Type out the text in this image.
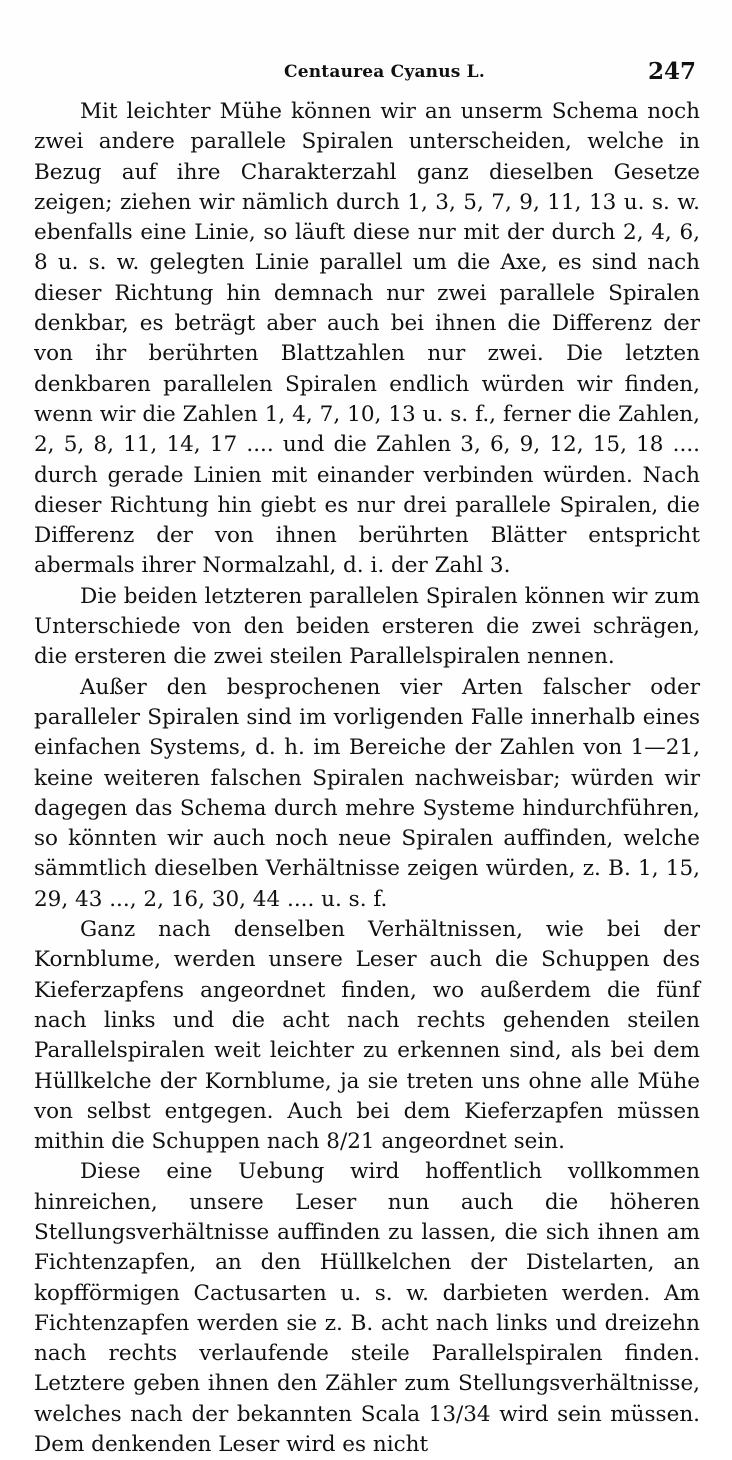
Centaurea Cyanus L.	247

Mit leichter Mühe können wir an unserm Schema noch zwei andere parallele Spiralen unterscheiden, welche in Bezug auf ihre Charakterzahl ganz dieselben Gesetze zeigen; ziehen wir nämlich durch 1, 3, 5, 7, 9, 11, 13 u. s. w. ebenfalls eine Linie, so läuft diese nur mit der durch 2, 4, 6, 8 u. s. w. gelegten Linie parallel um die Axe, es sind nach dieser Richtung hin demnach nur zwei parallele Spiralen denkbar, es beträgt aber auch bei ihnen die Differenz der von ihr berührten Blattzahlen nur zwei. Die letzten denkbaren parallelen Spiralen endlich würden wir finden, wenn wir die Zahlen 1, 4, 7, 10, 13 u. s. f., ferner die Zahlen, 2, 5, 8, 11, 14, 17 .... und die Zahlen 3, 6, 9, 12, 15, 18 .... durch gerade Linien mit einander verbinden würden. Nach dieser Richtung hin giebt es nur drei parallele Spiralen, die Differenz der von ihnen berührten Blätter entspricht abermals ihrer Normalzahl, d. i. der Zahl 3.

Die beiden letzteren parallelen Spiralen können wir zum Unterschiede von den beiden ersteren die zwei schrägen, die ersteren die zwei steilen Parallelspiralen nennen.

Außer den besprochenen vier Arten falscher oder paralleler Spiralen sind im vorligenden Falle innerhalb eines einfachen Systems, d. h. im Bereiche der Zahlen von 1—21, keine weiteren falschen Spiralen nachweisbar; würden wir dagegen das Schema durch mehre Systeme hindurchführen, so könnten wir auch noch neue Spiralen auffinden, welche sämmtlich dieselben Verhältnisse zeigen würden, z. B. 1, 15, 29, 43 ..., 2, 16, 30, 44 .... u. s. f.

Ganz nach denselben Verhältnissen, wie bei der Kornblume, werden unsere Leser auch die Schuppen des Kieferzapfens angeordnet finden, wo außerdem die fünf nach links und die acht nach rechts gehenden steilen Parallelspiralen weit leichter zu erkennen sind, als bei dem Hüllkelche der Kornblume, ja sie treten uns ohne alle Mühe von selbst entgegen. Auch bei dem Kieferzapfen müssen mithin die Schuppen nach 8/21 angeordnet sein.

Diese eine Uebung wird hoffentlich vollkommen hinreichen, unsere Leser nun auch die höheren Stellungsverhältnisse auffinden zu lassen, die sich ihnen am Fichtenzapfen, an den Hüllkelchen der Distelarten, an kopfförmigen Cactusarten u. s. w. darbieten werden. Am Fichtenzapfen werden sie z. B. acht nach links und dreizehn nach rechts verlaufende steile Parallelspiralen finden. Letztere geben ihnen den Zähler zum Stellungsverhältnisse, welches nach der bekannten Scala 13/34 wird sein müssen. Dem denkenden Leser wird es nicht
